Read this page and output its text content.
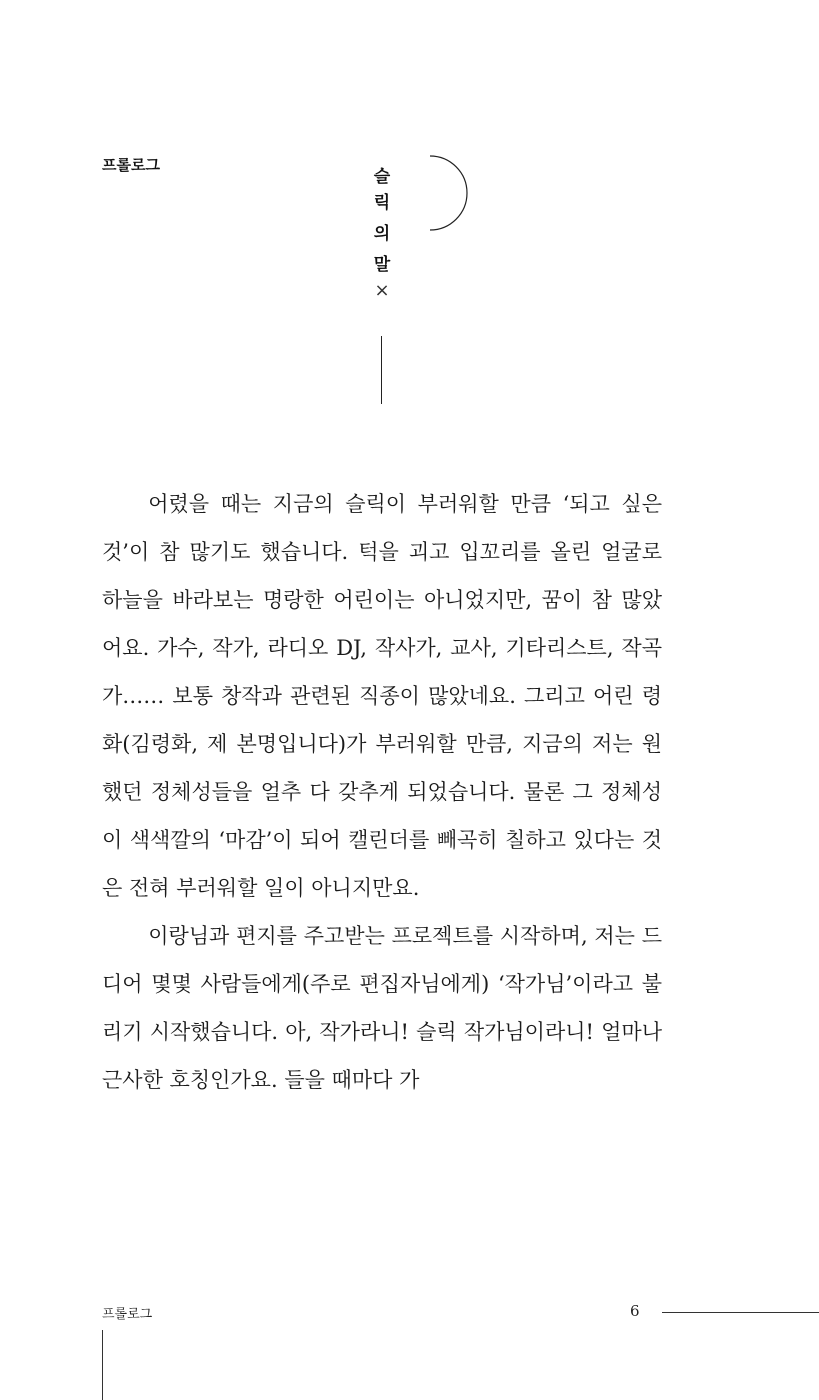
프롤로그
슬
릭
의
말
×

어렸을 때는 지금의 슬릭이 부러워할 만큼 ‘되고 싶은 것’이 참 많기도 했습니다. 턱을 괴고 입꼬리를 올린 얼굴로 하늘을 바라보는 명랑한 어린이는 아니었지만, 꿈이 참 많았어요. 가수, 작가, 라디오 DJ, 작사가, 교사, 기타리스트, 작곡가…… 보통 창작과 관련된 직종이 많았네요. 그리고 어린 령화(김령화, 제 본명입니다)가 부러워할 만큼, 지금의 저는 원했던 정체성들을 얼추 다 갖추게 되었습니다. 물론 그 정체성이 색색깔의 ‘마감’이 되어 캘린더를 빼곡히 칠하고 있다는 것은 전혀 부러워할 일이 아니지만요.

이랑님과 편지를 주고받는 프로젝트를 시작하며, 저는 드디어 몇몇 사람들에게(주로 편집자님에게) ‘작가님’이라고 불리기 시작했습니다. 아, 작가라니! 슬릭 작가님이라니! 얼마나 근사한 호칭인가요. 들을 때마다 가

프롤로그	6
